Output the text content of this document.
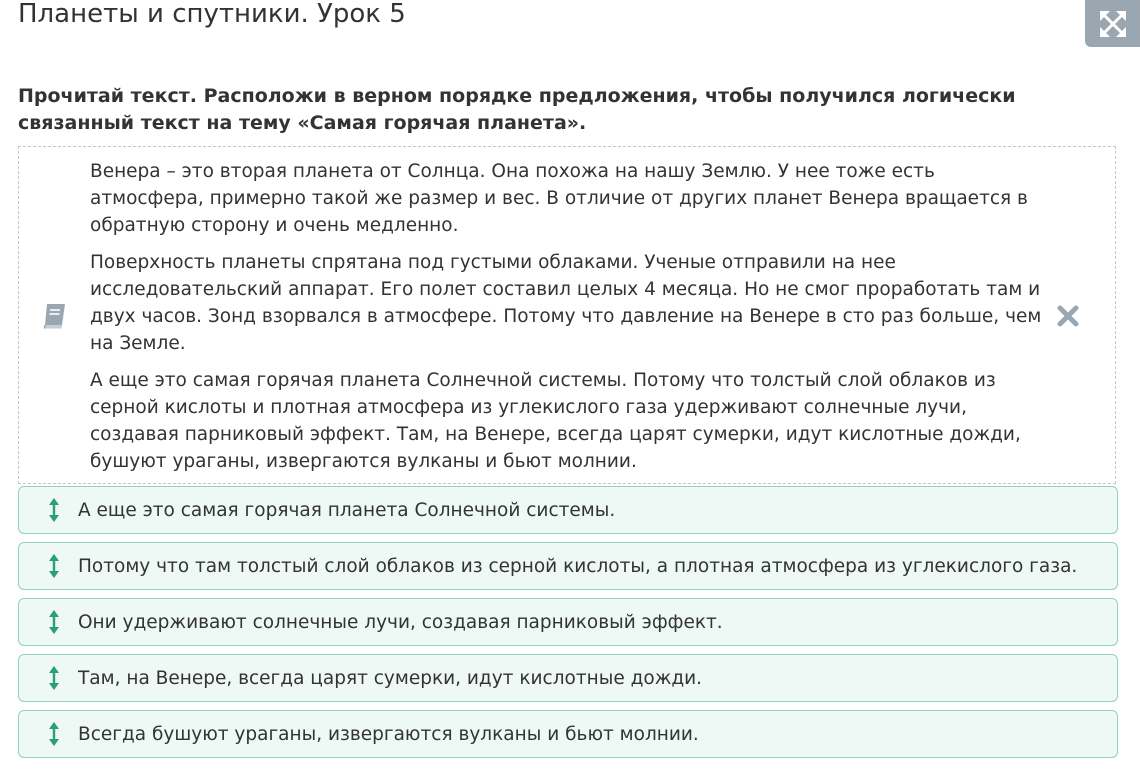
Планеты и спутники. Урок 5
Прочитай текст. Расположи в верном порядке предложения, чтобы получился логически связанный текст на тему «Самая горячая планета».

Венера – это вторая планета от Солнца. Она похожа на нашу Землю. У нее тоже есть атмосфера, примерно такой же размер и вес. В отличие от других планет Венера вращается в обратную сторону и очень медленно.

Поверхность планеты спрятана под густыми облаками. Ученые отправили на нее исследовательский аппарат. Его полет составил целых 4 месяца. Но не смог проработать там и двух часов. Зонд взорвался в атмосфере. Потому что давление на Венере в сто раз больше, чем на Земле.

А еще это самая горячая планета Солнечной системы. Потому что толстый слой облаков из серной кислоты и плотная атмосфера из углекислого газа удерживают солнечные лучи, создавая парниковый эффект. Там, на Венере, всегда царят сумерки, идут кислотные дожди, бушуют ураганы, извергаются вулканы и бьют молнии.

А еще это самая горячая планета Солнечной системы.
Потому что там толстый слой облаков из серной кислоты, а плотная атмосфера из углекислого газа.
Они удерживают солнечные лучи, создавая парниковый эффект.
Там, на Венере, всегда царят сумерки, идут кислотные дожди.
Всегда бушуют ураганы, извергаются вулканы и бьют молнии.
